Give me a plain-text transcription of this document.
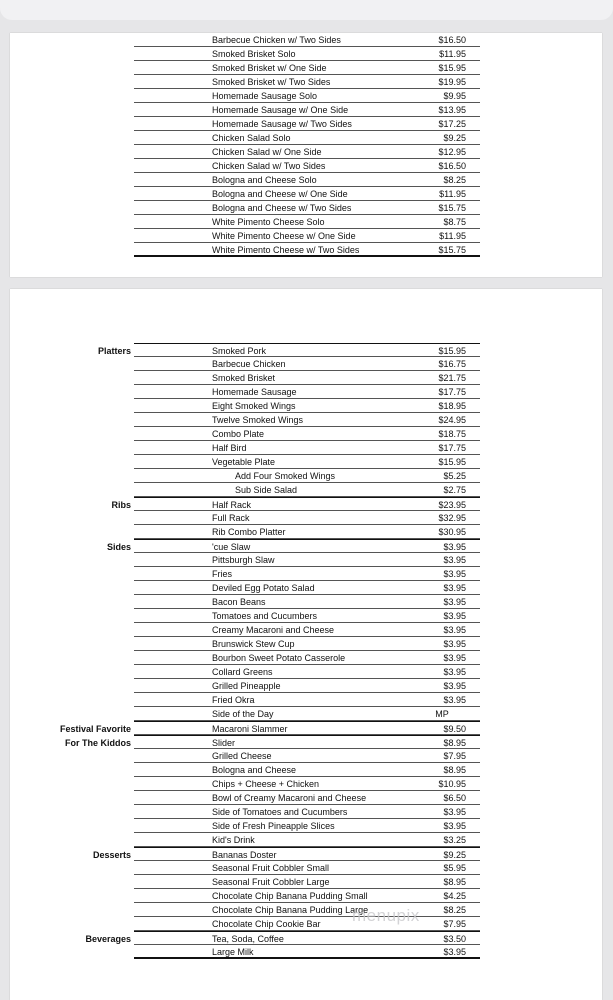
Barbecue Chicken w/ Two Sides	$16.50
Smoked Brisket Solo	$11.95
Smoked Brisket w/ One Side	$15.95
Smoked Brisket w/ Two Sides	$19.95
Homemade Sausage Solo	$9.95
Homemade Sausage w/ One Side	$13.95
Homemade Sausage w/ Two Sides	$17.25
Chicken Salad Solo	$9.25
Chicken Salad w/ One Side	$12.95
Chicken Salad w/ Two Sides	$16.50
Bologna and Cheese Solo	$8.25
Bologna and Cheese w/ One Side	$11.95
Bologna and Cheese w/ Two Sides	$15.75
White Pimento Cheese Solo	$8.75
White Pimento Cheese w/ One Side	$11.95
White Pimento Cheese w/ Two Sides	$15.75
Platters	Smoked Pork	$15.95
Barbecue Chicken	$16.75
Smoked Brisket	$21.75
Homemade Sausage	$17.75
Eight Smoked Wings	$18.95
Twelve Smoked Wings	$24.95
Combo Plate	$18.75
Half Bird	$17.75
Vegetable Plate	$15.95
Add Four Smoked Wings	$5.25
Sub Side Salad	$2.75
Ribs	Half Rack	$23.95
Full Rack	$32.95
Rib Combo Platter	$30.95
Sides	'cue Slaw	$3.95
Pittsburgh Slaw	$3.95
Fries	$3.95
Deviled Egg Potato Salad	$3.95
Bacon Beans	$3.95
Tomatoes and Cucumbers	$3.95
Creamy Macaroni and Cheese	$3.95
Brunswick Stew Cup	$3.95
Bourbon Sweet Potato Casserole	$3.95
Collard Greens	$3.95
Grilled Pineapple	$3.95
Fried Okra	$3.95
Side of the Day	MP
Festival Favorite	Macaroni Slammer	$9.50
For The Kiddos	Slider	$8.95
Grilled Cheese	$7.95
Bologna and Cheese	$8.95
Chips + Cheese + Chicken	$10.95
Bowl of Creamy Macaroni and Cheese	$6.50
Side of Tomatoes and Cucumbers	$3.95
Side of Fresh Pineapple Slices	$3.95
Kid's Drink	$3.25
Desserts	Bananas Doster	$9.25
Seasonal Fruit Cobbler Small	$5.95
Seasonal Fruit Cobbler Large	$8.95
Chocolate Chip Banana Pudding Small	$4.25
Chocolate Chip Banana Pudding Large	$8.25
Chocolate Chip Cookie Bar	$7.95
Beverages	Tea, Soda, Coffee	$3.50
Large Milk	$3.95
menupix
